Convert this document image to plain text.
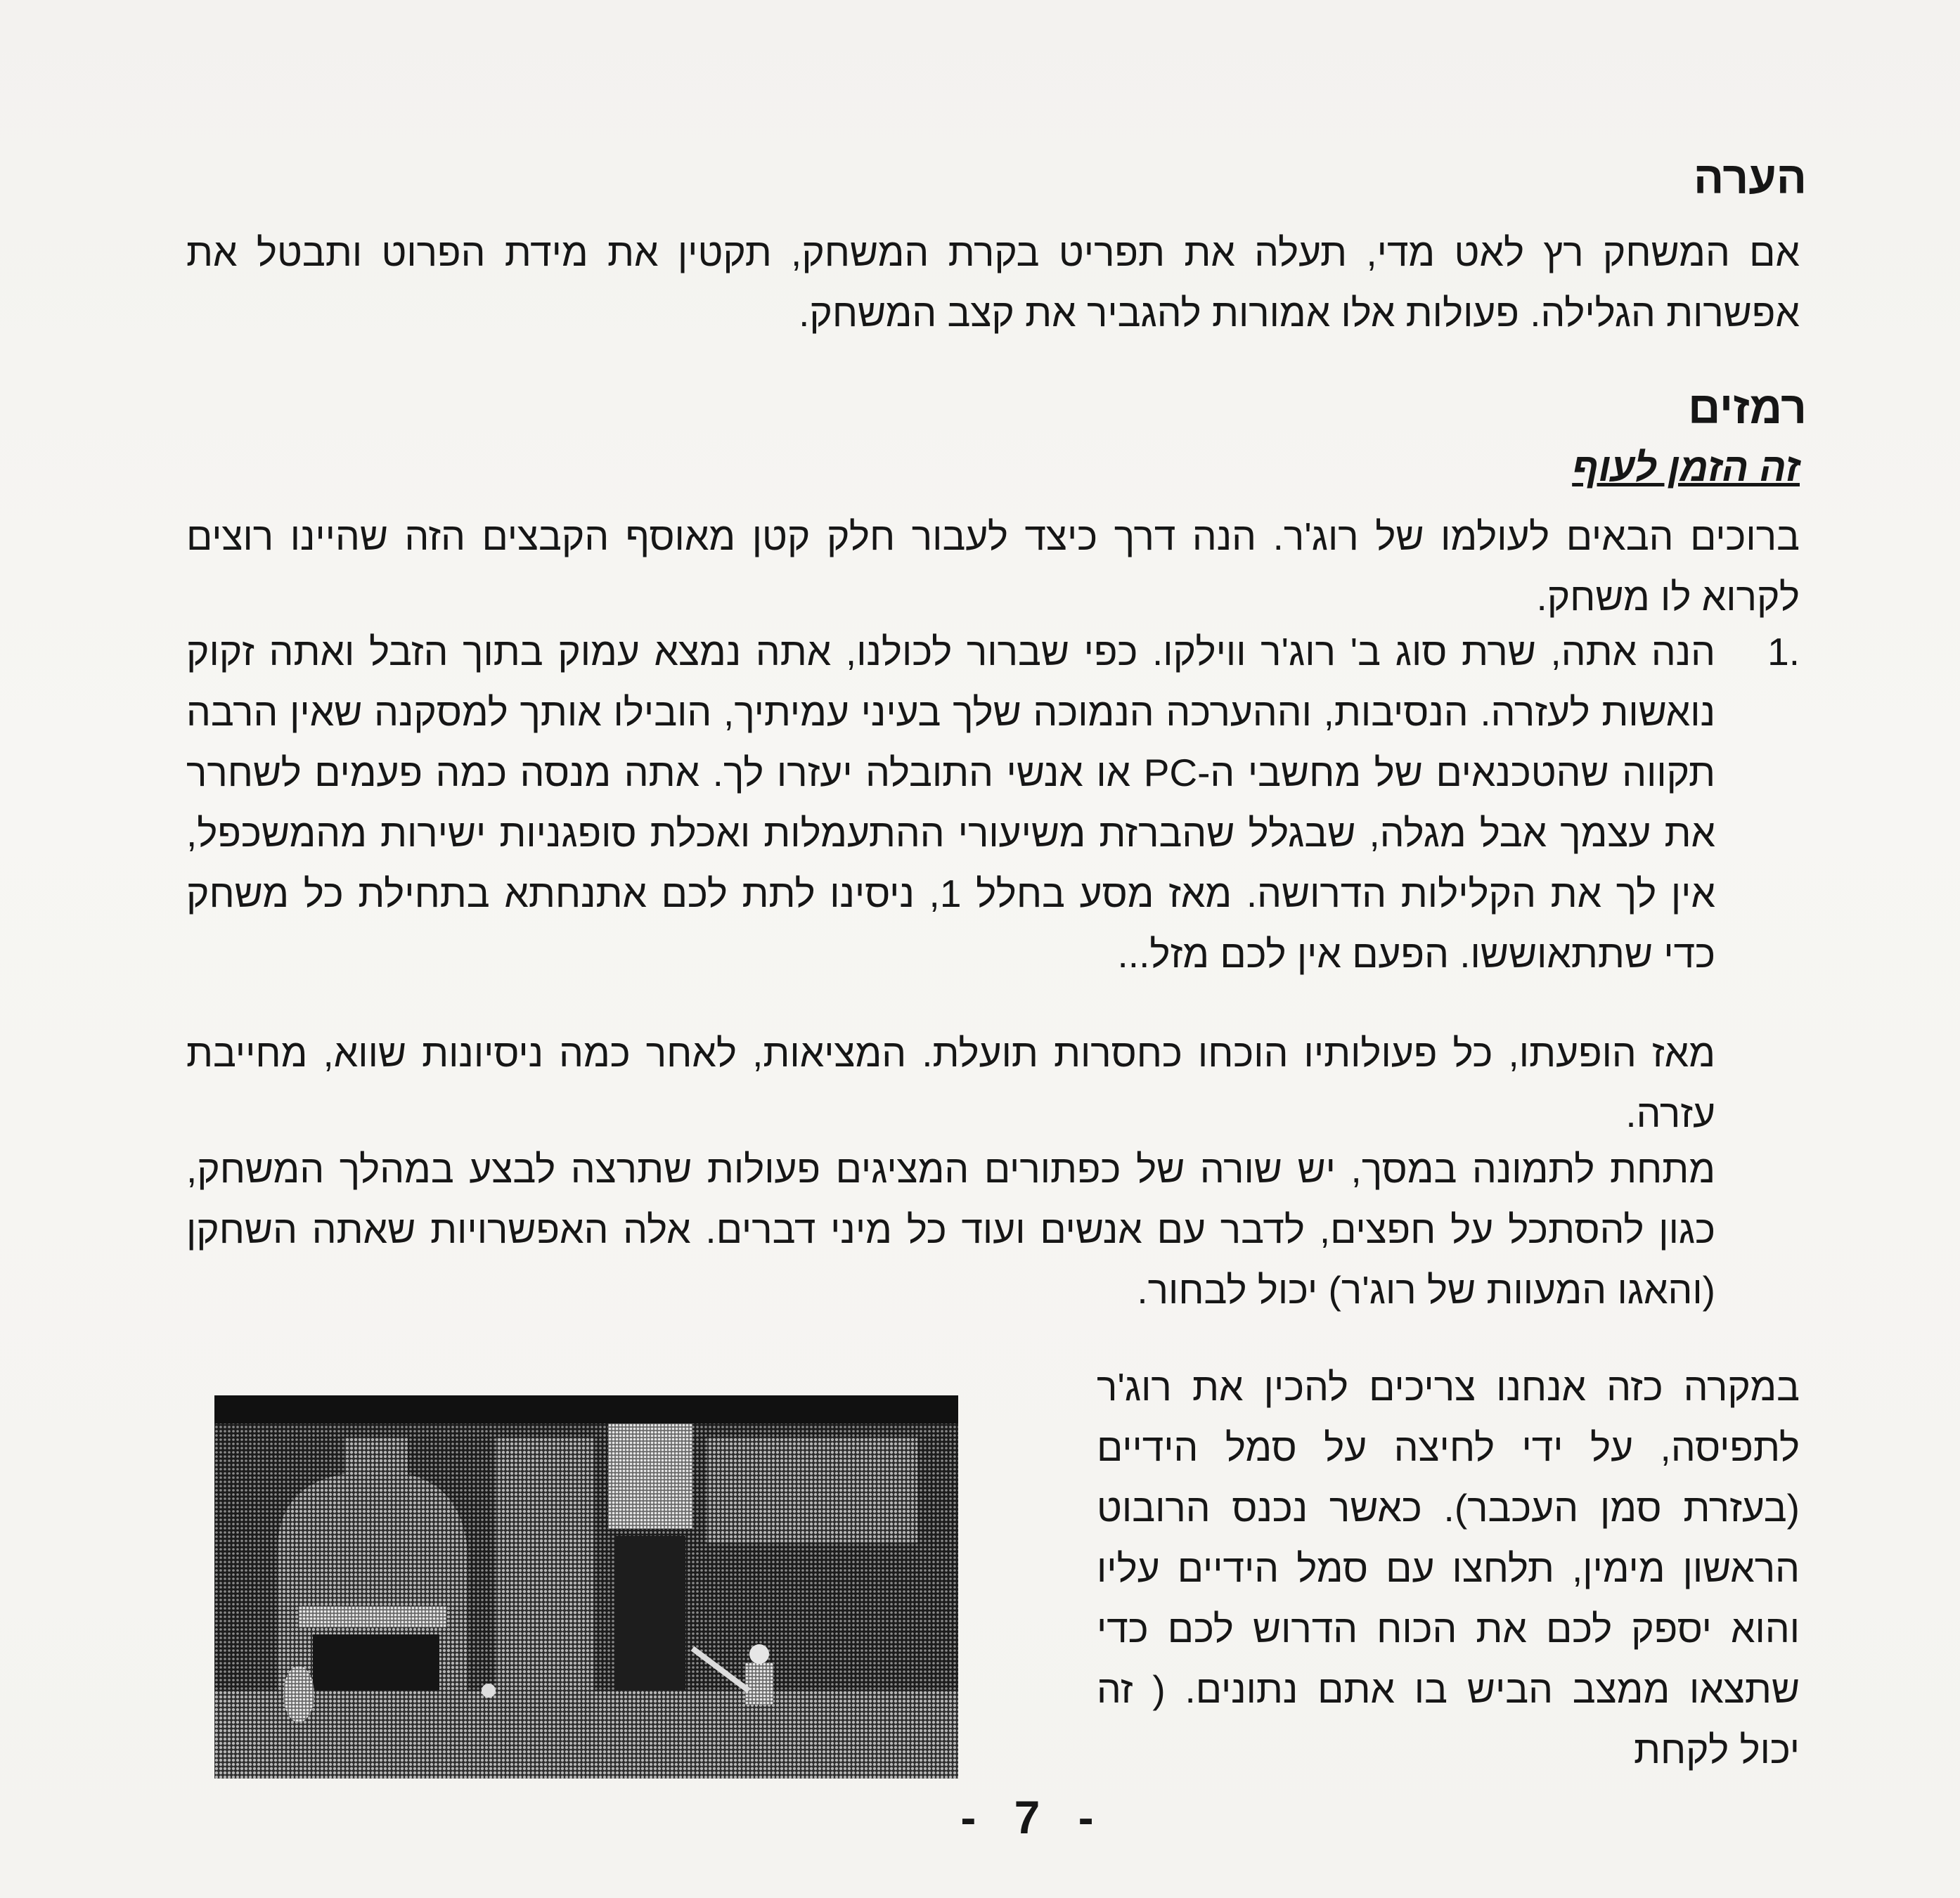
הערה

אם המשחק רץ לאט מדי, תעלה את תפריט בקרת המשחק, תקטין את מידת הפרוט ותבטל את אפשרות הגלילה. פעולות אלו אמורות להגביר את קצב המשחק.

רמזים
זה הזמן לעוף

ברוכים הבאים לעולמו של רוג'ר. הנה דרך כיצד לעבור חלק קטן מאוסף הקבצים הזה שהיינו רוצים לקרוא לו משחק.

1.

הנה אתה, שרת סוג ב' רוג'ר ווילקו. כפי שברור לכולנו, אתה נמצא עמוק בתוך הזבל ואתה זקוק נואשות לעזרה. הנסיבות, וההערכה הנמוכה שלך בעיני עמיתיך, הובילו אותך למסקנה שאין הרבה תקווה שהטכנאים של מחשבי ה-PC או אנשי התובלה יעזרו לך. אתה מנסה כמה פעמים לשחרר את עצמך אבל מגלה, שבגלל שהברזת משיעורי ההתעמלות ואכלת סופגניות ישירות מהמשכפל, אין לך את הקלילות הדרושה. מאז מסע בחלל 1, ניסינו לתת לכם אתנחתא בתחילת כל משחק כדי שתתאוששו. הפעם אין לכם מזל...

מאז הופעתו, כל פעולותיו הוכחו כחסרות תועלת. המציאות, לאחר כמה ניסיונות שווא, מחייבת עזרה.

מתחת לתמונה במסך, יש שורה של כפתורים המציגים פעולות שתרצה לבצע במהלך המשחק, כגון להסתכל על חפצים, לדבר עם אנשים ועוד כל מיני דברים. אלה האפשרויות שאתה השחקן (והאגו המעוות של רוג'ר) יכול לבחור.

במקרה כזה אנחנו צריכים להכין את רוג'ר לתפיסה, על ידי לחיצה על סמל הידיים (בעזרת סמן העכבר). כאשר נכנס הרובוט הראשון מימין, תלחצו עם סמל הידיים עליו והוא יספק לכם את הכוח הדרוש לכם כדי שתצאו ממצב הביש בו אתם נתונים. ( זה יכול לקחת

- 7 -
